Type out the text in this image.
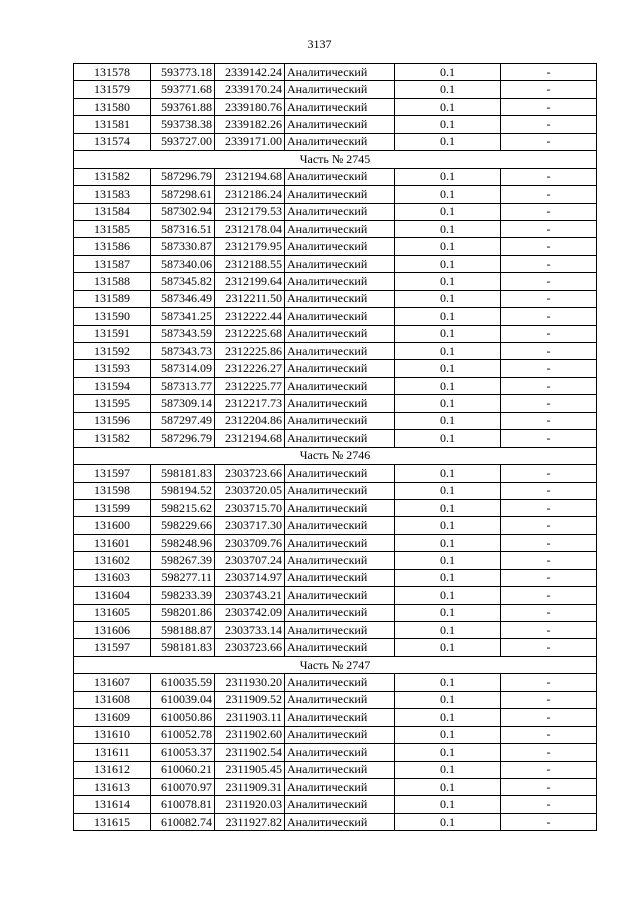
3137
131578	593773.18	2339142.24	Аналитический	0.1	-
131579	593771.68	2339170.24	Аналитический	0.1	-
131580	593761.88	2339180.76	Аналитический	0.1	-
131581	593738.38	2339182.26	Аналитический	0.1	-
131574	593727.00	2339171.00	Аналитический	0.1	-
Часть № 2745					
131582	587296.79	2312194.68	Аналитический	0.1	-
131583	587298.61	2312186.24	Аналитический	0.1	-
131584	587302.94	2312179.53	Аналитический	0.1	-
131585	587316.51	2312178.04	Аналитический	0.1	-
131586	587330.87	2312179.95	Аналитический	0.1	-
131587	587340.06	2312188.55	Аналитический	0.1	-
131588	587345.82	2312199.64	Аналитический	0.1	-
131589	587346.49	2312211.50	Аналитический	0.1	-
131590	587341.25	2312222.44	Аналитический	0.1	-
131591	587343.59	2312225.68	Аналитический	0.1	-
131592	587343.73	2312225.86	Аналитический	0.1	-
131593	587314.09	2312226.27	Аналитический	0.1	-
131594	587313.77	2312225.77	Аналитический	0.1	-
131595	587309.14	2312217.73	Аналитический	0.1	-
131596	587297.49	2312204.86	Аналитический	0.1	-
131582	587296.79	2312194.68	Аналитический	0.1	-
Часть № 2746					
131597	598181.83	2303723.66	Аналитический	0.1	-
131598	598194.52	2303720.05	Аналитический	0.1	-
131599	598215.62	2303715.70	Аналитический	0.1	-
131600	598229.66	2303717.30	Аналитический	0.1	-
131601	598248.96	2303709.76	Аналитический	0.1	-
131602	598267.39	2303707.24	Аналитический	0.1	-
131603	598277.11	2303714.97	Аналитический	0.1	-
131604	598233.39	2303743.21	Аналитический	0.1	-
131605	598201.86	2303742.09	Аналитический	0.1	-
131606	598188.87	2303733.14	Аналитический	0.1	-
131597	598181.83	2303723.66	Аналитический	0.1	-
Часть № 2747					
131607	610035.59	2311930.20	Аналитический	0.1	-
131608	610039.04	2311909.52	Аналитический	0.1	-
131609	610050.86	2311903.11	Аналитический	0.1	-
131610	610052.78	2311902.60	Аналитический	0.1	-
131611	610053.37	2311902.54	Аналитический	0.1	-
131612	610060.21	2311905.45	Аналитический	0.1	-
131613	610070.97	2311909.31	Аналитический	0.1	-
131614	610078.81	2311920.03	Аналитический	0.1	-
131615	610082.74	2311927.82	Аналитический	0.1	-
